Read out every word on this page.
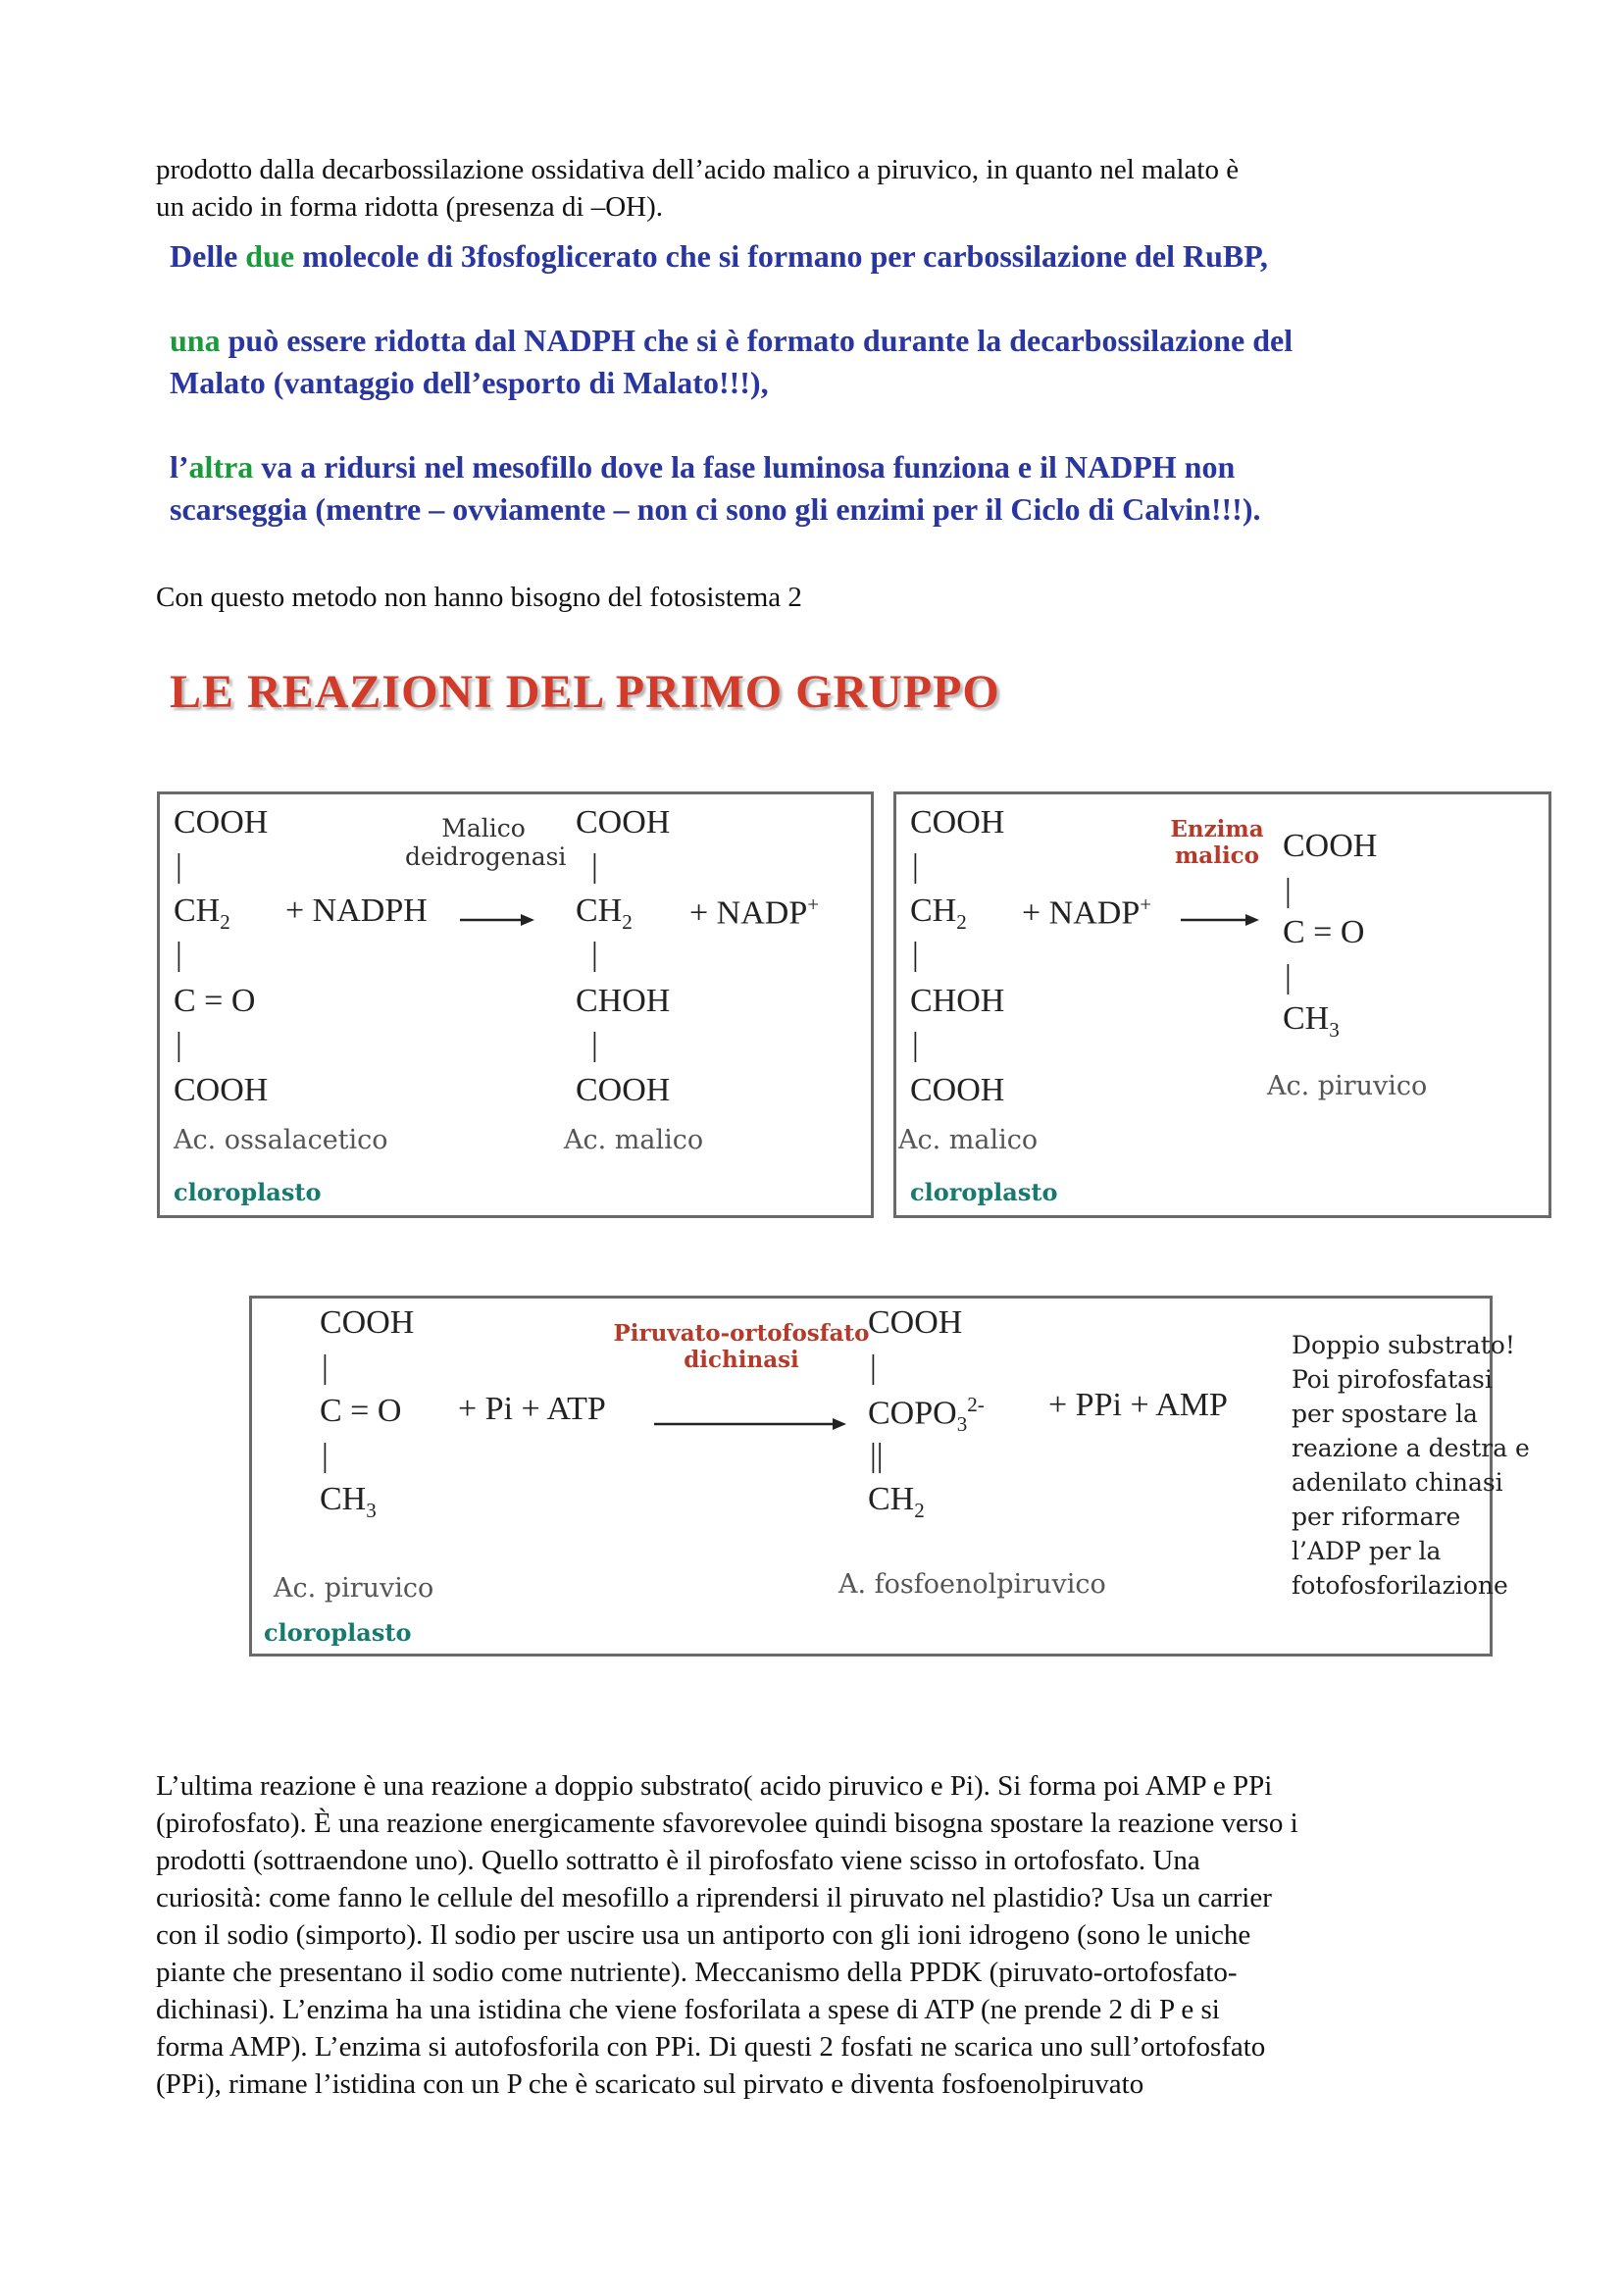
prodotto dalla decarbossilazione ossidativa dell’acido malico a piruvico, in quanto nel malato è
un acido in forma ridotta (presenza di –OH).
Delle due molecole di 3fosfoglicerato che si formano per carbossilazione del RuBP,
una può essere ridotta dal NADPH che si è formato durante la decarbossilazione del
Malato (vantaggio dell’esporto di Malato!!!),
l’altra va a ridursi nel mesofillo dove la fase luminosa funziona e il NADPH non
scarseggia (mentre – ovviamente – non ci sono gli enzimi per il Ciclo di Calvin!!!).
Con questo metodo non hanno bisogno del fotosistema 2
LE REAZIONI DEL PRIMO GRUPPO
COOH
|
$CH_2$
|
C = O
|
COOH
+ NADPH
Malico
deidrogenasi
COOH
|
$CH_2$
|
CHOH
|
COOH
+ NADP+
Ac. ossalacetico	Ac. malico
cloroplasto
COOH
|
$CH_2$
|
CHOH
|
COOH
+ NADP+
Enzima
malico COOH
|
C = O
|
$CH_3$
Ac. malico
Ac. piruvico
cloroplasto
COOH
|
C = O
|
$CH_3$
+ Pi + ATP
Piruvato-ortofosfato
dichinasi
COOH
|
$COPO_3^{2-}$
||
$CH_2$
+ PPi + AMP
Doppio substrato!
Poi pirofosfatasi
per spostare la
reazione a destra e
adenilato chinasi
per riformare
l’ADP per la
fotofosforilazione
Ac. piruvico	A. fosfoenolpiruvico
cloroplasto
L’ultima reazione è una reazione a doppio substrato( acido piruvico e Pi). Si forma poi AMP e PPi
(pirofosfato). È una reazione energicamente sfavorevolee quindi bisogna spostare la reazione verso i
prodotti (sottraendone uno). Quello sottratto è il pirofosfato viene scisso in ortofosfato. Una
curiosità: come fanno le cellule del mesofillo a riprendersi il piruvato nel plastidio? Usa un carrier
con il sodio (simporto). Il sodio per uscire usa un antiporto con gli ioni idrogeno (sono le uniche
piante che presentano il sodio come nutriente). Meccanismo della PPDK (piruvato-ortofosfato-
dichinasi). L’enzima ha una istidina che viene fosforilata a spese di ATP (ne prende 2 di P e si
forma AMP). L’enzima si autofosforila con PPi. Di questi 2 fosfati ne scarica uno sull’ortofosfato
(PPi), rimane l’istidina con un P che è scaricato sul pirvato e diventa fosfoenolpiruvato
